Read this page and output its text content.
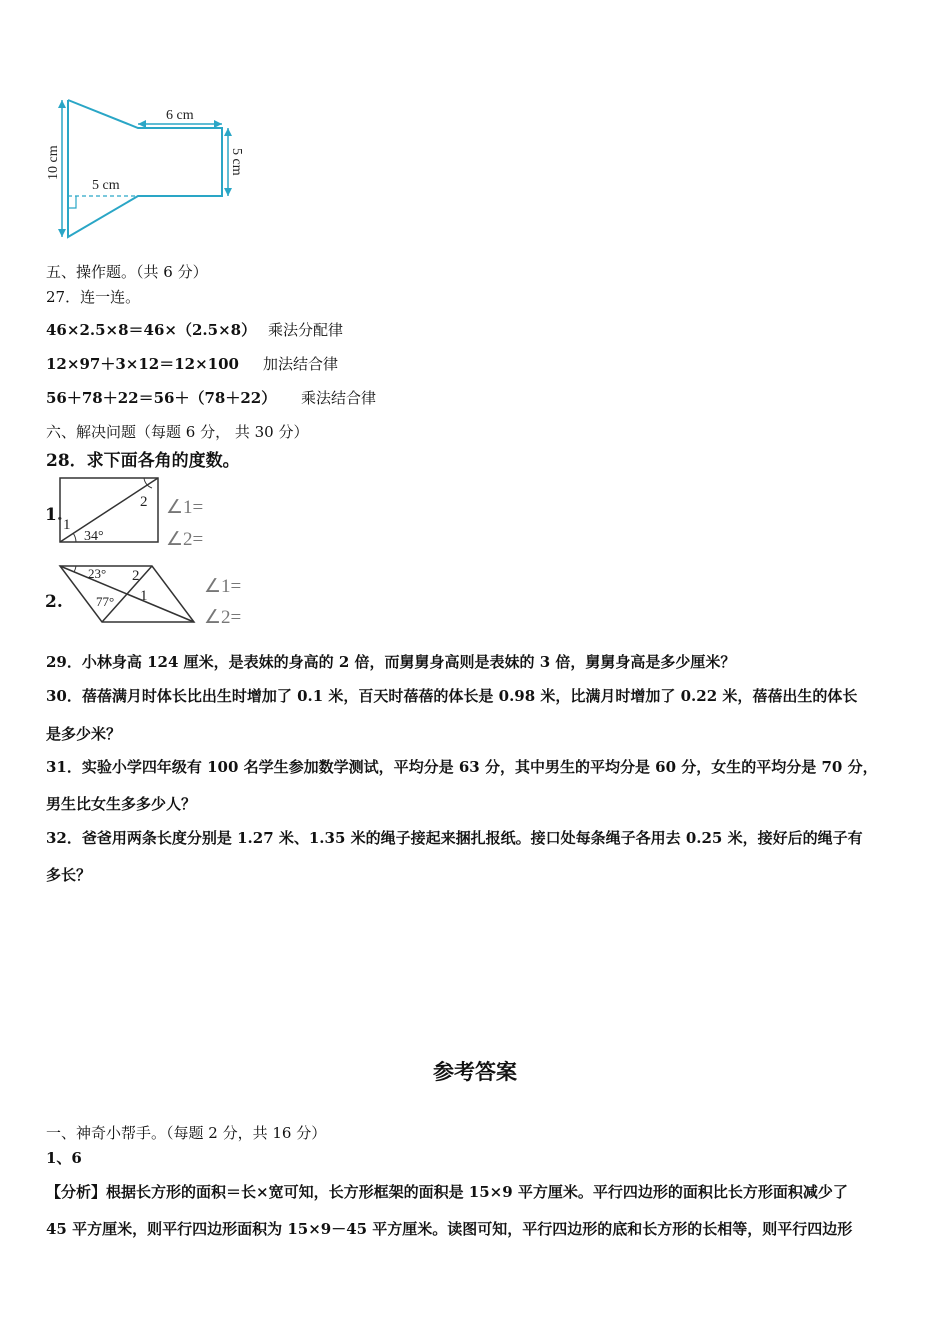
6 cm
5 cm
10 cm	5 cm
五、操作题。（共 6 分）
27．连一连。
46×2.5×8＝46×（2.5×8） 乘法分配律
12×97＋3×12＝12×100 加法结合律
56＋78＋22＝56＋（78＋22） 乘法结合律
六、解决问题（每题 6 分， 共 30 分）
28．求下面各角的度数。
1. 1
2
34°
∠1=
∠2=
2.
23°
77°
2
1	∠1=
∠2=
29．小林身高 124 厘米，是表妹的身高的 2 倍，而舅舅身高则是表妹的 3 倍，舅舅身高是多少厘米？
30．蓓蓓满月时体长比出生时增加了 0.1 米，百天时蓓蓓的体长是 0.98 米，比满月时增加了 0.22 米，蓓蓓出生的体长
是多少米？
31．实验小学四年级有 100 名学生参加数学测试，平均分是 63 分，其中男生的平均分是 60 分，女生的平均分是 70 分，
男生比女生多多少人？
32．爸爸用两条长度分别是 1.27 米、1.35 米的绳子接起来捆扎报纸。接口处每条绳子各用去 0.25 米，接好后的绳子有
多长？
参考答案
一、神奇小帮手。（每题 2 分，共 16 分）
1、6
【分析】根据长方形的面积＝长×宽可知，长方形框架的面积是 15×9 平方厘米。平行四边形的面积比长方形面积减少了
45 平方厘米，则平行四边形面积为 15×9－45 平方厘米。读图可知，平行四边形的底和长方形的长相等，则平行四边形
